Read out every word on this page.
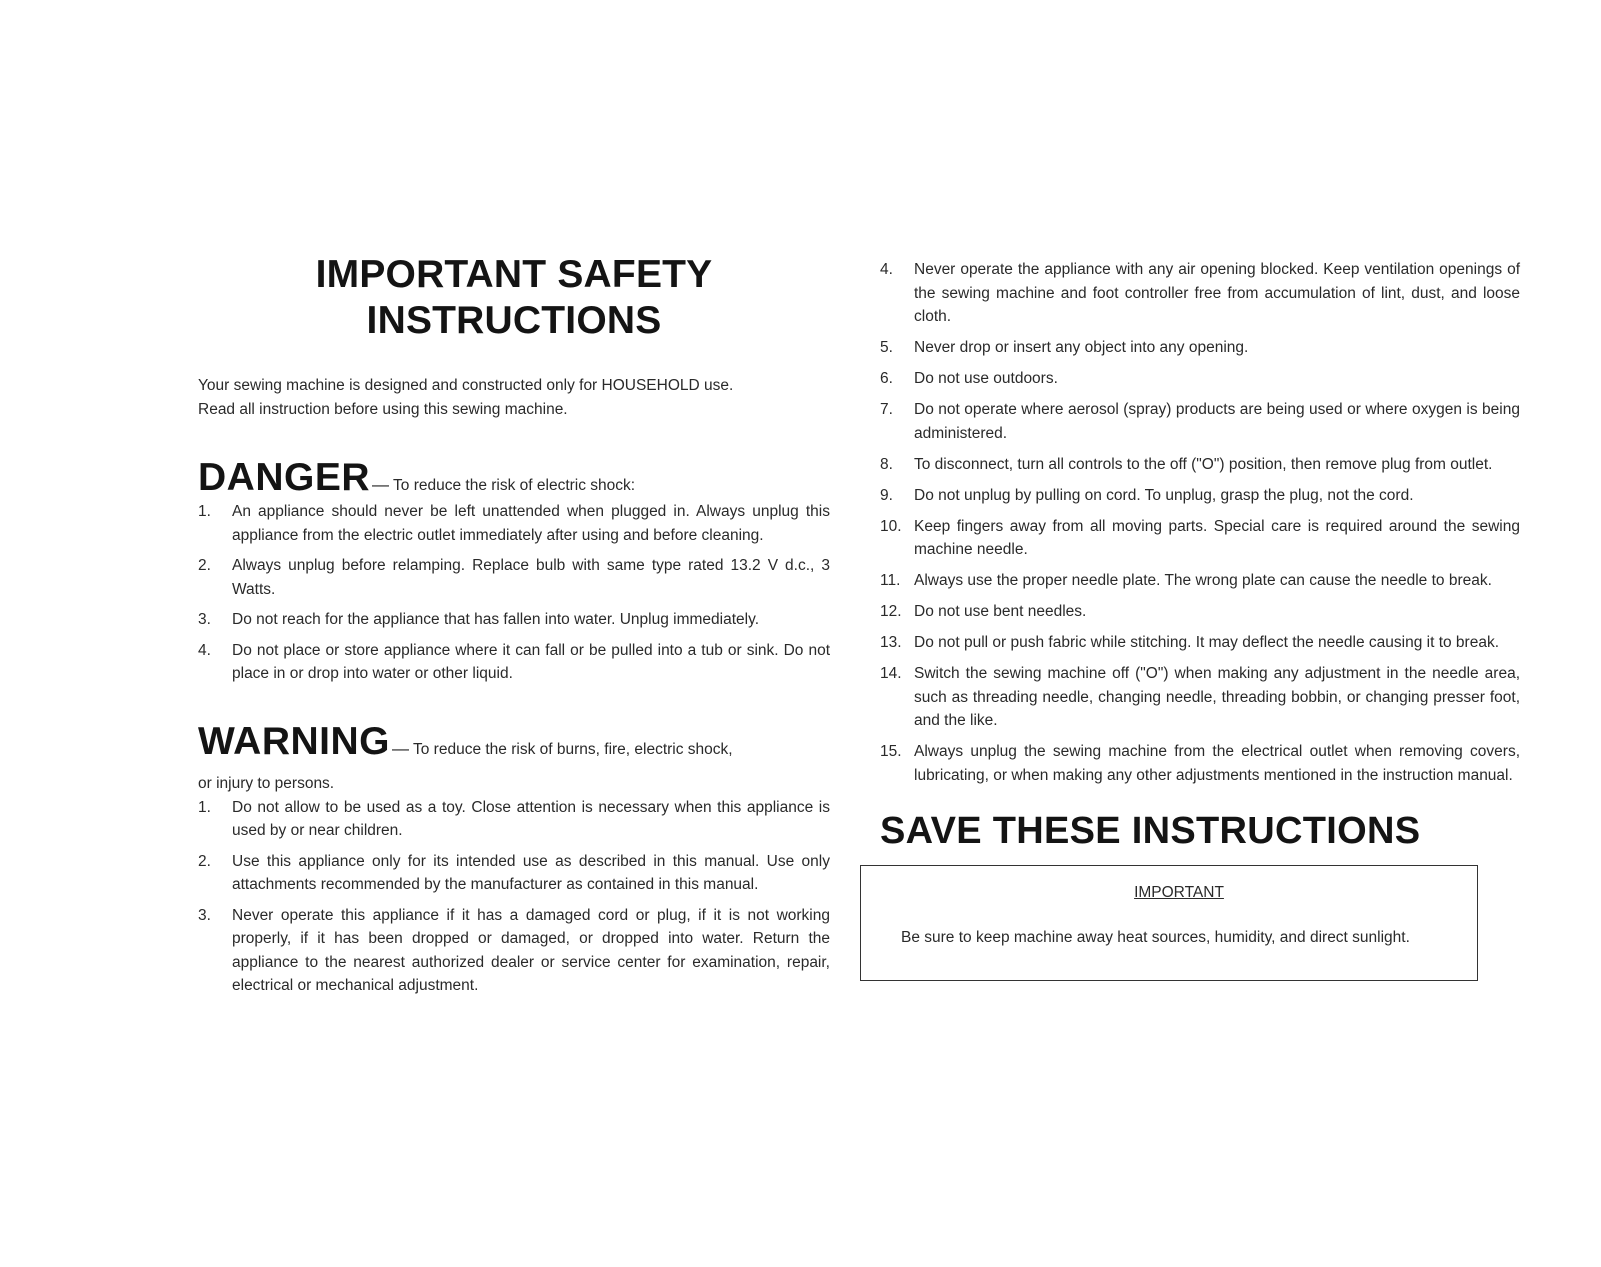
IMPORTANT SAFETY
INSTRUCTIONS

Your sewing machine is designed and constructed only for HOUSEHOLD use.

Read all instruction before using this sewing machine.

DANGER — To reduce the risk of electric shock:
1.	An appliance should never be left unattended when plugged in. Always unplug this appliance from the electric outlet immediately after using and before cleaning.
2.	Always unplug before relamping. Replace bulb with same type rated 13.2 V d.c., 3 Watts.
3.	Do not reach for the appliance that has fallen into water. Unplug immediately.
4.	Do not place or store appliance where it can fall or be pulled into a tub or sink. Do not place in or drop into water or other liquid.
WARNING — To reduce the risk of burns, fire, electric shock,
or injury to persons.
1.	Do not allow to be used as a toy. Close attention is necessary when this appliance is used by or near children.
2.	Use this appliance only for its intended use as described in this manual. Use only attachments recommended by the manufacturer as contained in this manual.
3.	Never operate this appliance if it has a damaged cord or plug, if it is not working properly, if it has been dropped or damaged, or dropped into water. Return the appliance to the nearest authorized dealer or service center for examination, repair, electrical or mechanical adjustment.
4.	Never operate the appliance with any air opening blocked. Keep ventilation openings of the sewing machine and foot controller free from accumulation of lint, dust, and loose cloth.
5.	Never drop or insert any object into any opening.
6.	Do not use outdoors.
7.	Do not operate where aerosol (spray) products are being used or where oxygen is being administered.
8.	To disconnect, turn all controls to the off ("O") position, then remove plug from outlet.
9.	Do not unplug by pulling on cord. To unplug, grasp the plug, not the cord.
10. Keep fingers away from all moving parts. Special care is required around the sewing machine needle.
11. Always use the proper needle plate. The wrong plate can cause the needle to break.
12. Do not use bent needles.
13. Do not pull or push fabric while stitching. It may deflect the needle causing it to break.
14. Switch the sewing machine off ("O") when making any adjustment in the needle area, such as threading needle, changing needle, threading bobbin, or changing presser foot, and the like.
15. Always unplug the sewing machine from the electrical outlet when removing covers, lubricating, or when making any other adjustments mentioned in the instruction manual.
SAVE THESE INSTRUCTIONS
IMPORTANT
Be sure to keep machine away heat sources, humidity, and direct sunlight.
